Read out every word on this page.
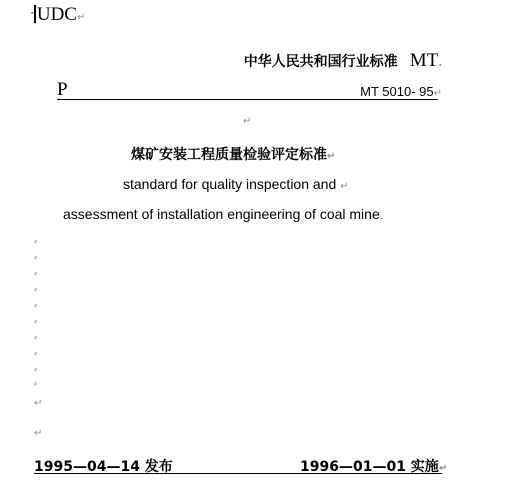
· UDC↵
中华人民共和国行业标准 MT.
P	MT 5010- 95↵
↵
煤矿安装工程质量检验评定标准↵
standard for quality inspection and ↵
assessment of installation engineering of coal mine.
⸗
⸗
⸗
⸗
⸗
⸗
⸗
⸗
⸗
⸗
↵
↵
1995—04—14 发布	1996—01—01 实施↵
